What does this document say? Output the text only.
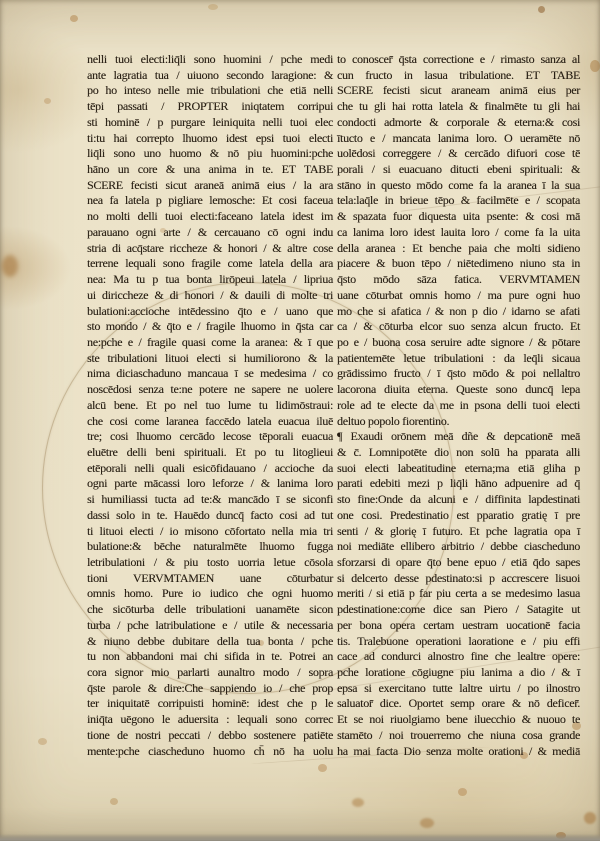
nelli tuoi electi:liq̄li sono huomini / pche medi
ante lagratia tua / uiuono secondo laragione: &
po ho inteso nelle mie tribulationi che etiā nelli
tēpi passati / PROPTER iniqtatem corripui
sti hominē / p purgare leiniquita nelli tuoi elec
ti:tu hai correpto lhuomo idest epsi tuoi electi
liq̄li sono uno huomo & nō piu huomini:pche
hāno un core & una anima in te. ET TABE
SCERE fecisti sicut araneā animā eius / la ara
nea fa latela p pigliare lemosche: Et cosi faceua
no molti delli tuoi electi:faceano latela idest im
parauano ogni arte / & cercauano cō ogni indu
stria di acq̄stare riccheze & honori / & altre cose
terrene lequali sono fragile come latela della ara
nea: Ma tu p tua bonta lirōpeui latela / lipriua
ui diriccheze & di honori / & dauili di molte tri
bulationi:accioche intēdessino q̄to e / uano que
sto mondo / & q̄to e / fragile lhuomo in q̄sta car
ne:pche e / fragile quasi come la aranea: & ī que
ste tribulationi lituoi electi si humiliorono & la
nima diciaschaduno mancaua ī se medesima / co
noscēdosi senza te:ne potere ne sapere ne uolere
alcū bene. Et po nel tuo lume tu lidimōstraui:
che cosi come laranea faccēdo latela euacua iluē
tre; cosi lhuomo cercādo lecose tēporali euacua
eluētre delli beni spirituali. Et po tu litoglieui
etēporali nelli quali esicōfidauano / accioche da
ogni parte mācassi loro leforze / & lanima loro
si humiliassi tucta ad te:& mancādo ī se siconfi
dassi solo in te. Hauēdo duncq̄ facto cosi ad tut
ti lituoi electi / io misono cōfortato nella mia tri
bulatione:& bēche naturalmēte lhuomo fugga
letribulationi / & piu tosto uorria letue cōsola
tioni VERVMTAMEN uane cōturbatur
omnis homo. Pure io iudico che ogni huomo
che sicōturba delle tribulationi uanamēte sicon
turba / pche latribulatione e / utile & necessaria
& niuno debbe dubitare della tua bonta / pche
tu non abbandoni mai chi sifida in te. Potrei an
cora signor mio parlarti aunaltro modo / sopra
q̄ste parole & dire:Che sappiendo io / che prop
ter iniquitatē corripuisti hominē: idest che p le
iniq̄ta uēgono le aduersita : lequali sono correc
tione de nostri peccati / debbo sostenere patiēte
mente:pche ciascheduno huomo ch̄ nō ha uolu
to conoscer̄ q̄sta correctione e / rimasto sanza al
cun fructo in lasua tribulatione. ET TABE
SCERE fecisti sicut araneam animā eius per
che tu gli hai rotta latela & finalmēte tu gli hai
condocti admorte & corporale & eterna:& cosi
ītucto e / mancata lanima loro. O ueramēte nō
uolēdosi correggere / & cercādo difuori cose tē
porali / si euacuano ditucti ebeni spirituali: &
stāno in questo mōdo come fa la aranea ī la sua
tela:laq̄le in brieue tēpo & facilmēte e / scopata
& spazata fuor diquesta uita psente: & cosi mā
ca lanima loro idest lauita loro / come fa la uita
della aranea : Et benche paia che molti sidieno
piacere & buon tēpo / niētedimeno niuno sta in
q̄sto mōdo sāza fatica. VERVMTAMEN
uane cōturbat omnis homo / ma pure ogni huo
mo che si afatica / & non p dio / idarno se afati
ca / & cōturba elcor suo senza alcun fructo. Et
po e / buona cosa seruire adte signore / & pōtare
patientemēte letue tribulationi : da leq̄li sicaua
grādissimo fructo / ī q̄sto mōdo & poi nellaltro
lacorona diuita eterna. Queste sono duncq̄ lepa
role ad te electe da me in psona delli tuoi electi
deltuo popolo fiorentino.
¶ Exaudi orōnem meā dñe & depcationē meā
& c̄. Lomnipotēte dio non solū ha pparata alli
suoi electi labeatitudine eterna;ma etiā gliha p
parati edebiti mezi p liq̄li hāno adpuenire ad q̄
sto fine:Onde da alcuni e / diffinita lapdestinati
one cosi. Predestinatio est pparatio gratię ī pre
senti / & glorię ī futuro. Et pche lagratia opa ī
noi mediāte ellibero arbitrio / debbe ciascheduno
sforzarsi di opare q̄to bene epuo / etiā q̄do sapes
si delcerto desse pdestinato:si p accrescere lisuoi
meriti / si etiā p far piu certa a se medesimo lasua
pdestinatione:come dice san Piero / Satagite ut
per bona opera certam uestram uocationē facia
tis. Tralebuone operationi laoratione e / piu effi
cace ad condurci alnostro fine che lealtre opere:
pche loratione cōgiugne piu lanima a dio / & ī
epsa si exercitano tutte laltre uirtu / po ilnostro
saluator̄ dice. Oportet semp orare & nō deficer̄.
Et se noi riuolgiamo bene iluecchio & nuouo te
stamēto / noi trouerremo che niuna cosa grande
ha mai facta Dio senza molte orationi / & mediā
